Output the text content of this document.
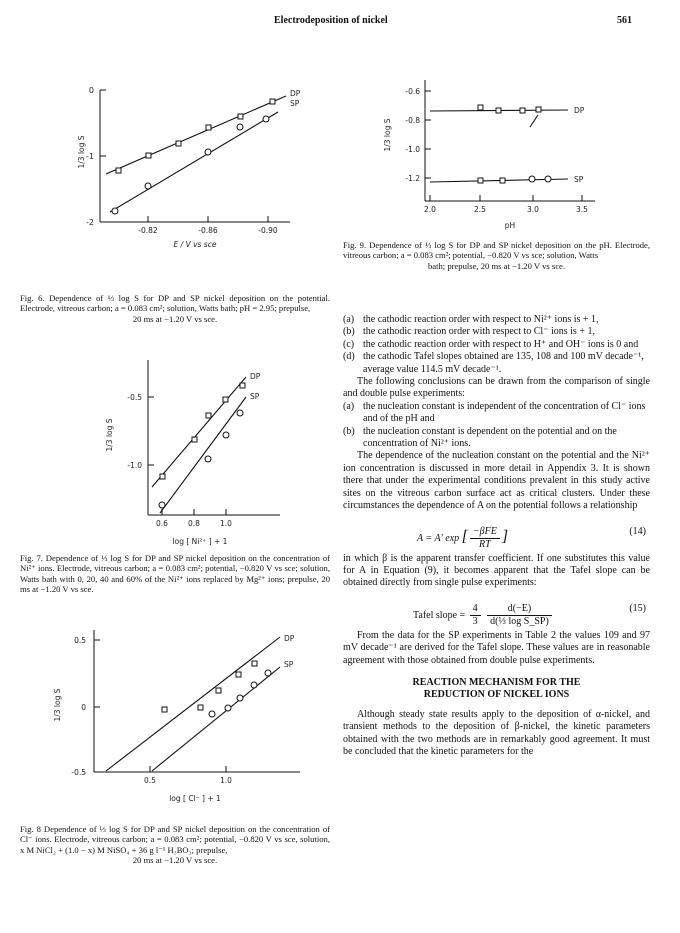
Electrodeposition of nickel	561
0
-1
-2
-0.82	-0.86	-0.90
1/3 log S
E / V vs sce
DP
SP
Fig. 6. Dependence of ⅓ log S for DP and SP nickel deposition on the potential. Electrode, vitreous carbon; a = 0.083 cm²; solution, Watts bath; pH = 2.95; prepulse,
20 ms at −1.20 V vs sce.
-0.5
-1.0
0.6	0.8	1.0
1/3 log S
log [ Ni²⁺ ] + 1
DP
SP
Fig. 7. Dependence of ⅓ log S for DP and SP nickel deposition on the concentration of Ni²⁺ ions. Electrode, vitreous carbon; a = 0.083 cm²; potential, −0.820 V vs sce; solution, Watts bath with 0, 20, 40 and 60% of the Ni²⁺ ions replaced by Mg²⁺ ions; prepulse, 20 ms at −1.20 V vs sce.
0.5
0
-0.5
0.5	1.0
1/3 log S
log [ Cl⁻ ] + 1
DP
SP
Fig. 8 Dependence of ⅓ log S for DP and SP nickel deposition on the concentration of Cl⁻ ions. Electrode, vitreous carbon; a = 0.083 cm²; potential, −0.820 V vs sce, solution, x M NiCl₂ + (1.0 − x) M NiSO₄ + 36 g l⁻¹ H₃BO₃; prepulse,
20 ms at −1.20 V vs sce.
-0.6
-0.8
-1.0
-1.2
2.0	2.5	3.0	3.5
1/3 log S
pH
DP
SP
Fig. 9. Dependence of ⅓ log S for DP and SP nickel deposition on the pH. Electrode, vitreous carbon; a = 0.083 cm²; potential, −0.820 V vs sce; solution, Watts
bath; prepulse, 20 ms at −1.20 V vs sce.
(a) the cathodic reaction order with respect to Ni²⁺ ions is + 1,
(b) the cathodic reaction order with respect to Cl⁻ ions is + 1,
(c) the cathodic reaction order with respect to H⁺ and OH⁻ ions is 0 and
(d) the cathodic Tafel slopes obtained are 135, 108 and 100 mV decade⁻¹, average value 114.5 mV decade⁻¹.

The following conclusions can be drawn from the comparison of single and double pulse experiments:

(a) the nucleation constant is independent of the concentration of Cl⁻ ions and of the pH and
(b) the nucleation constant is dependent on the potential and on the concentration of Ni²⁺ ions.

The dependence of the nucleation constant on the potential and the Ni²⁺ ion concentration is discussed in more detail in Appendix 3. It is shown there that under the experimental conditions prevalent in this study active sites on the vitreous carbon surface act as critical clusters. Under these circumstances the dependence of A on the potential follows a relationship

A = A′ exp [ $\frac{\text{−βFE}}{RT}$ ]	(14)

in which β is the apparent transfer coefficient. If one substitutes this value for A in Equation (9), it becomes apparent that the Tafel slope can be obtained directly from single pulse experiments:

Tafel slope = $\frac{4}{3}$
$\frac{d(-E)}{\text{d(⅓ log S\_SP)}}$	(15)

From the data for the SP experiments in Table 2 the values 109 and 97 mV decade⁻¹ are derived for the Tafel slope. These values are in reasonable agreement with those obtained from double pulse experiments.

REACTION MECHANISM FOR THE
REDUCTION OF NICKEL IONS

Although steady state results apply to the deposition of α-nickel, and transient methods to the deposition of β-nickel, the kinetic parameters obtained with the two methods are in remarkably good agreement. It must be concluded that the kinetic parameters for the
